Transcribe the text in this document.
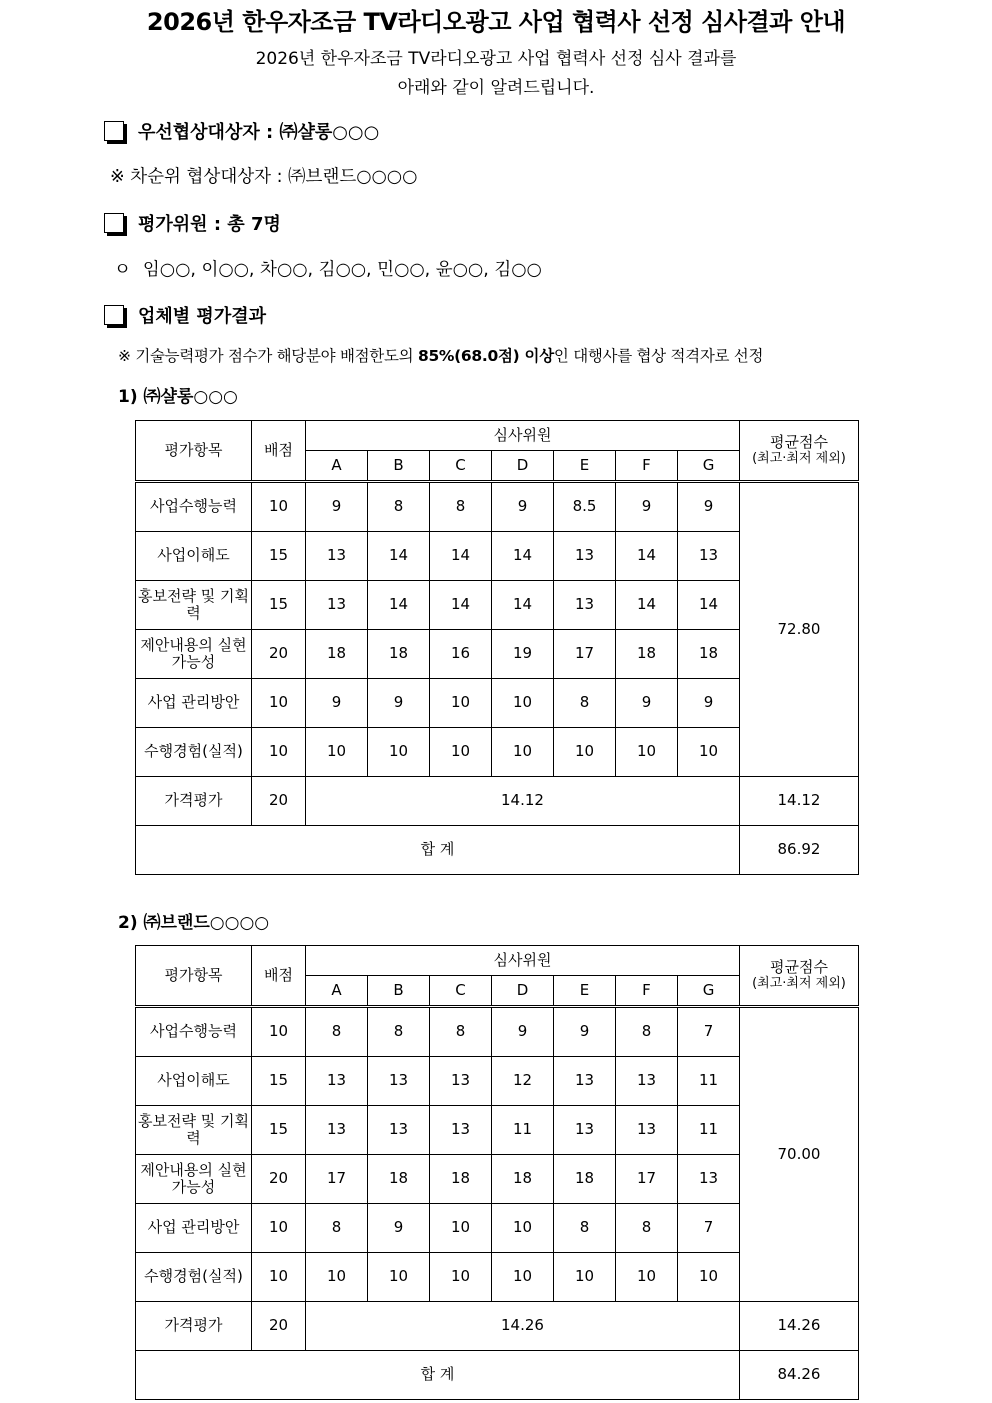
2026년 한우자조금 TV라디오광고 사업 협력사 선정 심사결과 안내
2026년 한우자조금 TV라디오광고 사업 협력사 선정 심사 결과를
아래와 같이 알려드립니다.
우선협상대상자 : ㈜샬롱○○○
※ 차순위 협상대상자 : ㈜브랜드○○○○
평가위원 : 총 7명
ㅇ 임○○, 이○○, 차○○, 김○○, 민○○, 윤○○, 김○○
업체별 평가결과
※ 기술능력평가 점수가 해당분야 배점한도의 85%(68.0점) 이상인 대행사를 협상 적격자로 선정
1) ㈜샬롱○○○
평가항목	배점	심사위원							평균점수
(최고·최저 제외)

		A	B	C	D	E	F	G	
사업수행능력	10	9	8	8	9	8.5	9	9	72.80
사업이해도	15	13	14	14	14	13	14	13	
홍보전략 및 기획력	15	13	14	14	14	13	14	14	
제안내용의 실현 가능성	20	18	18	16	19	17	18	18	
사업 관리방안	10	9	9	10	10	8	9	9	
수행경험(실적)	10	10	10	10	10	10	10	10	
가격평가	20	14.12							14.12
합 계									86.92
2) ㈜브랜드○○○○
평가항목	배점	심사위원							평균점수
(최고·최저 제외)

		A	B	C	D	E	F	G	
사업수행능력	10	8	8	8	9	9	8	7	70.00
사업이해도	15	13	13	13	12	13	13	11	
홍보전략 및 기획력	15	13	13	13	11	13	13	11	
제안내용의 실현 가능성	20	17	18	18	18	18	17	13	
사업 관리방안	10	8	9	10	10	8	8	7	
수행경험(실적)	10	10	10	10	10	10	10	10	
가격평가	20	14.26							14.26
합 계									84.26
